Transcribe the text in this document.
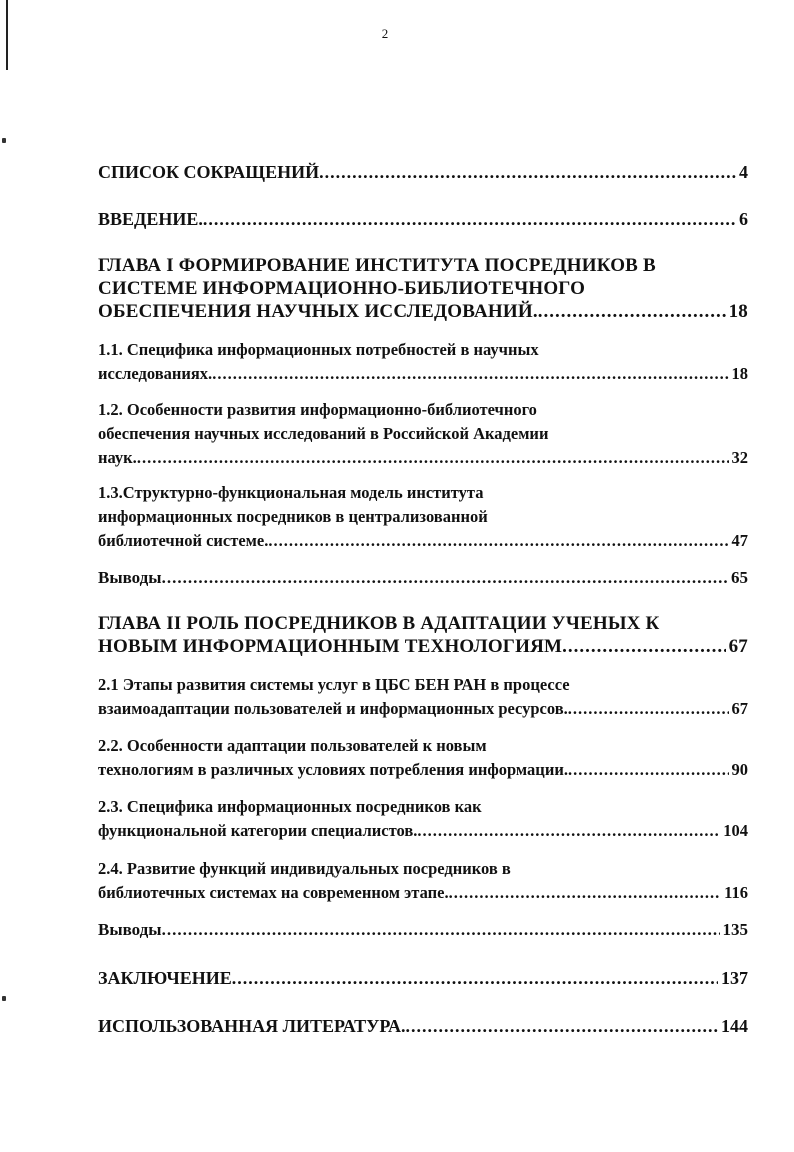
2
СПИСОК СОКРАЩЕНИЙ .....	4
ВВЕДЕНИЕ. .....	6
ГЛАВА I ФОРМИРОВАНИЕ ИНСТИТУТА ПОСРЕДНИКОВ В
СИСТЕМЕ ИНФОРМАЦИОННО-БИБЛИОТЕЧНОГО
ОБЕСПЕЧЕНИЯ НАУЧНЫХ ИССЛЕДОВАНИЙ. .....	18
1.1. Специфика информационных потребностей в научных
исследованиях. .....	18
1.2. Особенности развития информационно-библиотечного
обеспечения научных исследований в Российской Академии
наук. .....	32
1.3.Структурно-функциональная модель института
информационных посредников в централизованной
библиотечной системе. .....	47
Выводы .....	65
ГЛАВА II РОЛЬ ПОСРЕДНИКОВ В АДАПТАЦИИ УЧЕНЫХ К
НОВЫМ ИНФОРМАЦИОННЫМ ТЕХНОЛОГИЯМ .....	67
2.1 Этапы развития системы услуг в ЦБС БЕН РАН в процессе
взаимоадаптации пользователей и информационных ресурсов. .....	67
2.2. Особенности адаптации пользователей к новым
технологиям в различных условиях потребления информации. .....	90
2.3. Специфика информационных посредников как
функциональной категории специалистов. .....	104
2.4. Развитие функций индивидуальных посредников в
библиотечных системах на современном этапе. .....	116
Выводы .....	135
ЗАКЛЮЧЕНИЕ .....	137
ИСПОЛЬЗОВАННАЯ ЛИТЕРАТУРА. .....	144
